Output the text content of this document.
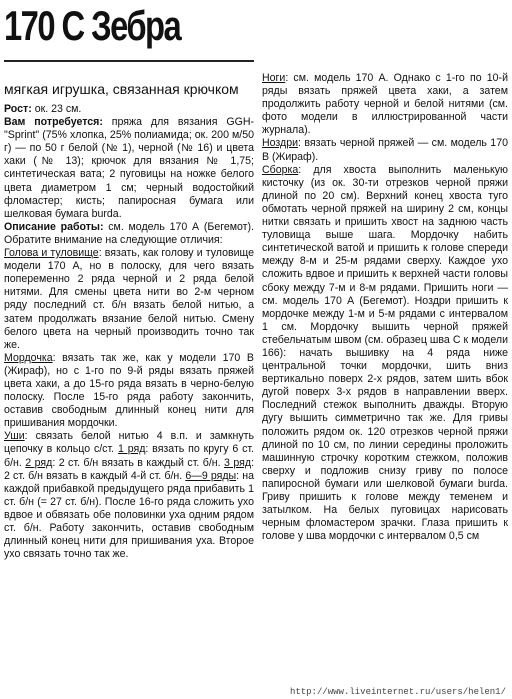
170 С Зебра

мягкая игрушка, связанная крючком

Рост: ок. 23 см.

Вам потребуется: пряжа для вязания GGH-"Sprint" (75% хлопка, 25% полиамида; ок. 200 м/50 г) — по 50 г белой (№ 1), черной (№ 16) и цвета хаки (№ 13); крючок для вязания № 1,75; синтетическая вата; 2 пуговицы на ножке белого цвета диаметром 1 см; черный водостойкий фломастер; кисть; папиросная бумага или шелковая бумага burda.

Описание работы: см. модель 170 А (Бегемот). Обратите внимание на следующие отличия:

Голова и туловище: вязать, как голову и туловище модели 170 А, но в полоску, для чего вязать попеременно 2 ряда черной и 2 ряда белой нитями. Для смены цвета нити во 2-м черном ряду последний ст. б/н вязать белой нитью, а затем продолжать вязание белой нитью. Смену белого цвета на черный производить точно так же.

Мордочка: вязать так же, как у модели 170 В (Жираф), но с 1-го по 9-й ряды вязать пряжей цвета хаки, а до 15-го ряда вязать в черно-белую полоску. После 15-го ряда работу закончить, оставив свободным длинный конец нити для пришивания мордочки.

Уши: связать белой нитью 4 в.п. и замкнуть цепочку в кольцо с/ст. 1 ряд: вязать по кругу 6 ст. б/н. 2 ряд: 2 ст. б/н вязать в каждый ст. б/н. 3 ряд: 2 ст. б/н вязать в каждый 4-й ст. б/н. 6—9 ряды: на каждой прибавкой предыдущего ряда прибавить 1 ст. б/н (= 27 ст. б/н). После 16-го ряда сложить ухо вдвое и обвязать обе половинки уха одним рядом ст. б/н. Работу закончить, оставив свободным длинный конец нити для пришивания уха. Второе ухо связать точно так же.

Ноги: см. модель 170 А. Однако с 1-го по 10-й ряды вязать пряжей цвета хаки, а затем продолжить работу черной и белой нитями (см. фото модели в иллюстрированной части журнала).

Ноздри: вязать черной пряжей — см. модель 170 В (Жираф).

Сборка: для хвоста выполнить маленькую кисточку (из ок. 30-ти отрезков черной пряжи длиной по 20 см). Верхний конец хвоста туго обмотать черной пряжей на ширину 2 см, концы нитки связать и пришить хвост на заднюю часть туловища выше шага. Мордочку набить синтетической ватой и пришить к голове спереди между 8-м и 25-м рядами сверху. Каждое ухо сложить вдвое и пришить к верхней части головы сбоку между 7-м и 8-м рядами. Пришить ноги — см. модель 170 А (Бегемот). Ноздри пришить к мордочке между 1-м и 5-м рядами с интервалом 1 см. Мордочку вышить черной пряжей стебельчатым швом (см. образец шва С к модели 166): начать вышивку на 4 ряда ниже центральной точки мордочки, шить вниз вертикально поверх 2-х рядов, затем шить вбок дугой поверх 3-х рядов в направлении вверх. Последний стежок выполнить дважды. Вторую дугу вышить симметрично так же. Для гривы положить рядом ок. 120 отрезков черной пряжи длиной по 10 см, по линии середины проложить машинную строчку коротким стежком, положив сверху и подложив снизу гриву по полосе папиросной бумаги или шелковой бумаги burda. Гриву пришить к голове между теменем и затылком. На белых пуговицах нарисовать черным фломастером зрачки. Глаза пришить к голове у шва мордочки с интервалом 0,5 см

http://www.liveinternet.ru/users/helen1/
